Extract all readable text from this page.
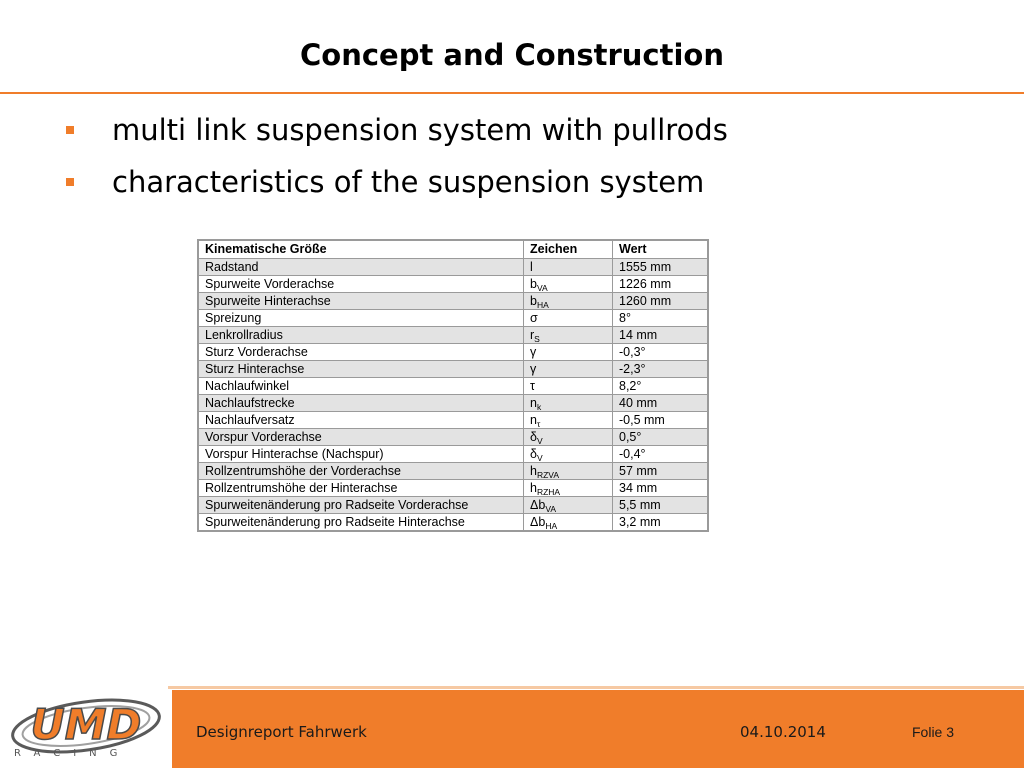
Concept and Construction
multi link suspension system with pullrods
characteristics of the suspension system
Kinematische Größe	Zeichen	Wert
Radstand	l	1555 mm
Spurweite Vorderachse	$b_{VA}$	1226 mm
Spurweite Hinterachse	$b_{HA}$	1260 mm
Spreizung	σ	8°
Lenkrollradius	$r_S$	14 mm
Sturz Vorderachse	γ	-0,3°
Sturz Hinterachse	γ	-2,3°
Nachlaufwinkel	τ	8,2°
Nachlaufstrecke	$n_k$	40 mm
Nachlaufversatz	$n_\tau$	-0,5 mm
Vorspur Vorderachse	$\delta_V$	0,5°
Vorspur Hinterachse (Nachspur)	$\delta_V$	-0,4°
Rollzentrumshöhe der Vorderachse	$h_{RZVA}$	57 mm
Rollzentrumshöhe der Hinterachse	$h_{RZHA}$	34 mm
Spurweitenänderung pro Radseite Vorderachse	$\Delta b_{VA}$	5,5 mm
Spurweitenänderung pro Radseite Hinterachse	$\Delta b_{HA}$	3,2 mm
Designreport Fahrwerk	04.10.2014	Folie 3
UMD
RACING
